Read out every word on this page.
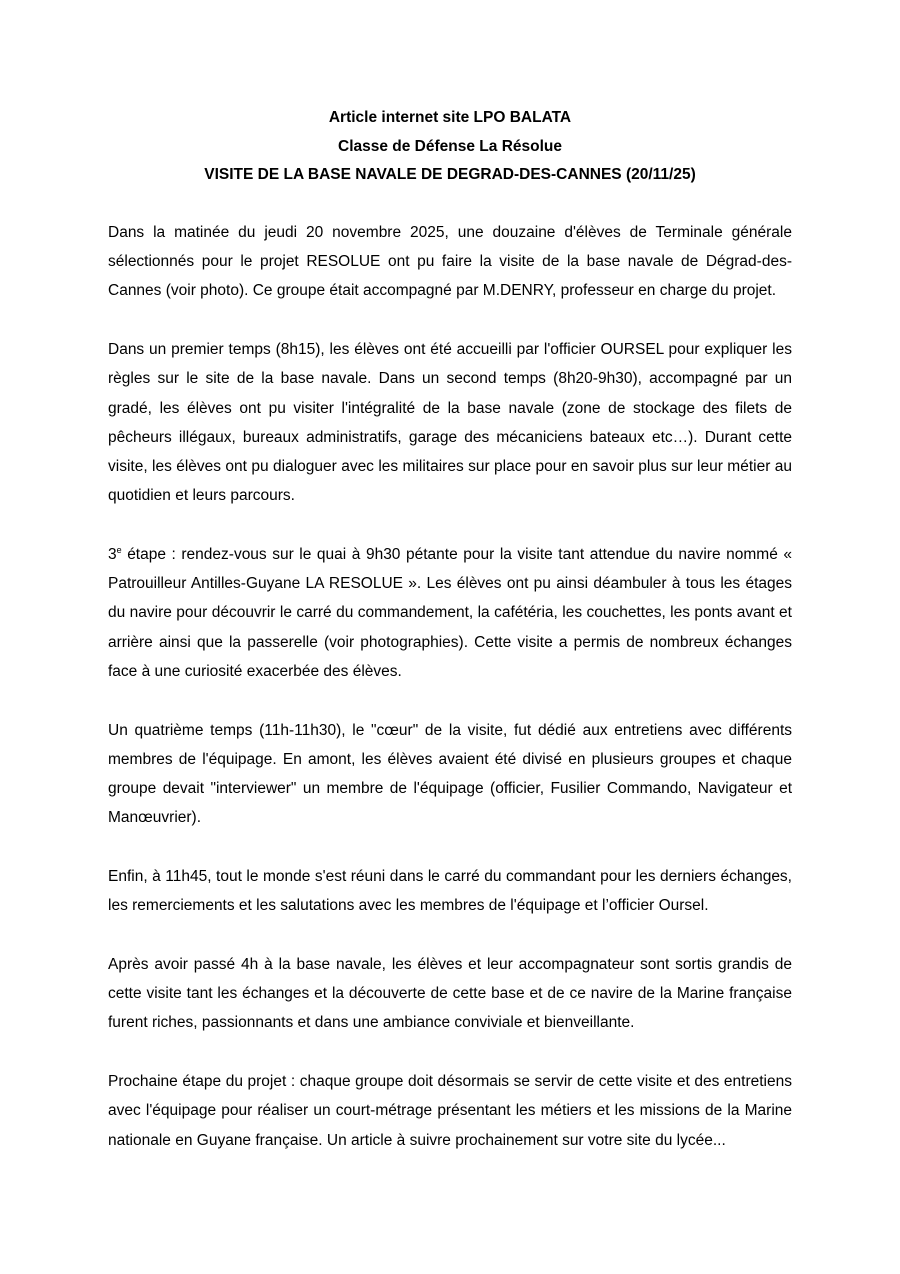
Article internet site LPO BALATA
Classe de Défense La Résolue
VISITE DE LA BASE NAVALE DE DEGRAD-DES-CANNES (20/11/25)

Dans la matinée du jeudi 20 novembre 2025, une douzaine d'élèves de Terminale générale sélectionnés pour le projet RESOLUE ont pu faire la visite de la base navale de Dégrad-des-Cannes (voir photo). Ce groupe était accompagné par M.DENRY, professeur en charge du projet.

Dans un premier temps (8h15), les élèves ont été accueilli par l'officier OURSEL pour expliquer les règles sur le site de la base navale. Dans un second temps (8h20-9h30), accompagné par un gradé, les élèves ont pu visiter l'intégralité de la base navale (zone de stockage des filets de pêcheurs illégaux, bureaux administratifs, garage des mécaniciens bateaux etc…). Durant cette visite, les élèves ont pu dialoguer avec les militaires sur place pour en savoir plus sur leur métier au quotidien et leurs parcours.

3e étape : rendez-vous sur le quai à 9h30 pétante pour la visite tant attendue du navire nommé « Patrouilleur Antilles-Guyane LA RESOLUE ». Les élèves ont pu ainsi déambuler à tous les étages du navire pour découvrir le carré du commandement, la cafétéria, les couchettes, les ponts avant et arrière ainsi que la passerelle (voir photographies). Cette visite a permis de nombreux échanges face à une curiosité exacerbée des élèves.

Un quatrième temps (11h-11h30), le "cœur" de la visite, fut dédié aux entretiens avec différents membres de l'équipage. En amont, les élèves avaient été divisé en plusieurs groupes et chaque groupe devait "interviewer" un membre de l'équipage (officier, Fusilier Commando, Navigateur et Manœuvrier).

Enfin, à 11h45, tout le monde s'est réuni dans le carré du commandant pour les derniers échanges, les remerciements et les salutations avec les membres de l'équipage et l’officier Oursel.

Après avoir passé 4h à la base navale, les élèves et leur accompagnateur sont sortis grandis de cette visite tant les échanges et la découverte de cette base et de ce navire de la Marine française furent riches, passionnants et dans une ambiance conviviale et bienveillante.

Prochaine étape du projet : chaque groupe doit désormais se servir de cette visite et des entretiens avec l'équipage pour réaliser un court-métrage présentant les métiers et les missions de la Marine nationale en Guyane française. Un article à suivre prochainement sur votre site du lycée...
